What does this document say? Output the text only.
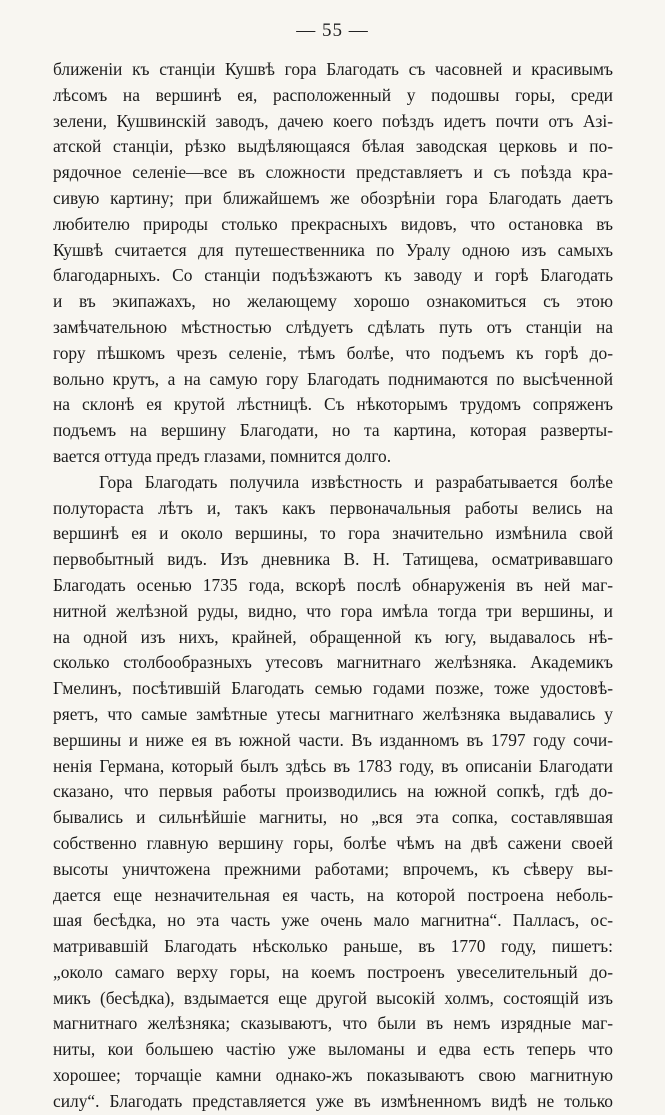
— 55 —
ближеніи къ станціи Кушвѣ гора Благодать съ часовней и красивымъ
лѣсомъ на вершинѣ ея, расположенный у подошвы горы, среди
зелени, Кушвинскій заводъ, дачею коего поѣздъ идетъ почти отъ Азі-
атской станціи, рѣзко выдѣляющаяся бѣлая заводская церковь и по-
рядочное селеніе—все въ сложности представляетъ и съ поѣзда кра-
сивую картину; при ближайшемъ же обозрѣніи гора Благодать даетъ
любителю природы столько прекрасныхъ видовъ, что остановка въ
Кушвѣ считается для путешественника по Уралу одною изъ самыхъ
благодарныхъ. Со станціи подъѣзжаютъ къ заводу и горѣ Благодать
и въ экипажахъ, но желающему хорошо ознакомиться съ этою
замѣчательною мѣстностью слѣдуетъ сдѣлать путь отъ станціи на
гору пѣшкомъ чрезъ селеніе, тѣмъ болѣе, что подъемъ къ горѣ до-
вольно крутъ, а на самую гору Благодать поднимаются по высѣченной
на склонѣ ея крутой лѣстницѣ. Съ нѣкоторымъ трудомъ сопряженъ
подъемъ на вершину Благодати, но та картина, которая разверты-
вается оттуда предъ глазами, помнится долго.
Гора Благодать получила извѣстность и разрабатывается болѣе
полутораста лѣтъ и, такъ какъ первоначальныя работы велись на
вершинѣ ея и около вершины, то гора значительно измѣнила свой
первобытный видъ. Изъ дневника В. Н. Татищева, осматривавшаго
Благодать осенью 1735 года, вскорѣ послѣ обнаруженія въ ней маг-
нитной желѣзной руды, видно, что гора имѣла тогда три вершины, и
на одной изъ нихъ, крайней, обращенной къ югу, выдавалось нѣ-
сколько столбообразныхъ утесовъ магнитнаго желѣзняка. Академикъ
Гмелинъ, посѣтившій Благодать семью годами позже, тоже удостовѣ-
ряетъ, что самые замѣтные утесы магнитнаго желѣзняка выдавались у
вершины и ниже ея въ южной части. Въ изданномъ въ 1797 году сочи-
ненія Германа, который былъ здѣсь въ 1783 году, въ описаніи Благодати
сказано, что первыя работы производились на южной сопкѣ, гдѣ до-
бывались и сильнѣйшіе магниты, но „вся эта сопка, составлявшая
собственно главную вершину горы, болѣе чѣмъ на двѣ сажени своей
высоты уничтожена прежними работами; впрочемъ, къ сѣверу вы-
дается еще незначительная ея часть, на которой построена неболь-
шая бесѣдка, но эта часть уже очень мало магнитна“. Палласъ, ос-
матривавшій Благодать нѣсколько раньше, въ 1770 году, пишетъ:
„около самаго верху горы, на коемъ построенъ увеселительный до-
микъ (бесѣдка), вздымается еще другой высокій холмъ, состоящій изъ
магнитнаго желѣзняка; сказываютъ, что были въ немъ изрядные маг-
ниты, кои большею частію уже выломаны и едва есть теперь что
хорошее; торчащіе камни однако-жъ показываютъ свою магнитную
силу“. Благодать представляется уже въ измѣненномъ видѣ не только
